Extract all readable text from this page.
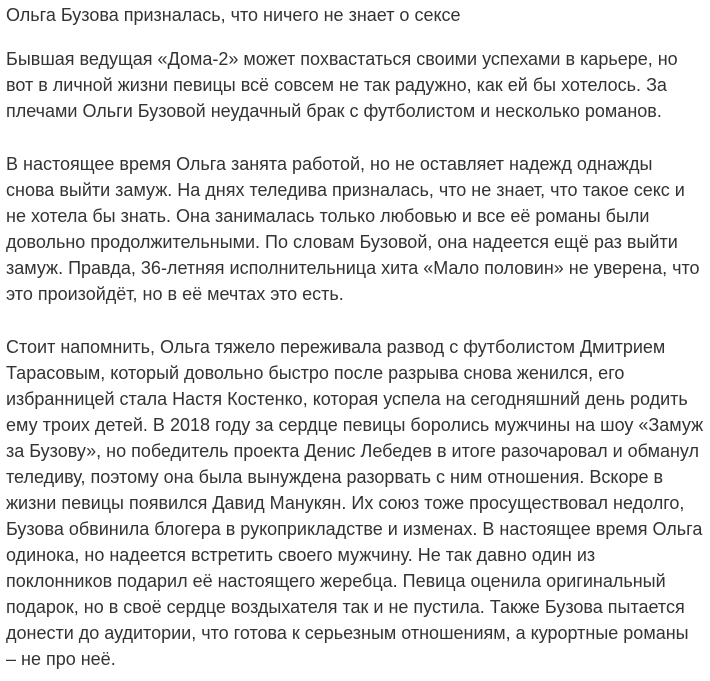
Ольга Бузова призналась, что ничего не знает о сексе
Бывшая ведущая «Дома-2» может похвастаться своими успехами в карьере, но
вот в личной жизни певицы всё совсем не так радужно, как ей бы хотелось. За
плечами Ольги Бузовой неудачный брак с футболистом и несколько романов.
В настоящее время Ольга занята работой, но не оставляет надежд однажды
снова выйти замуж. На днях теледива призналась, что не знает, что такое секс и
не хотела бы знать. Она занималась только любовью и все её романы были
довольно продолжительными. По словам Бузовой, она надеется ещё раз выйти
замуж. Правда, 36-летняя исполнительница хита «Мало половин» не уверена, что
это произойдёт, но в её мечтах это есть.
Стоит напомнить, Ольга тяжело переживала развод с футболистом Дмитрием
Тарасовым, который довольно быстро после разрыва снова женился, его
избранницей стала Настя Костенко, которая успела на сегодняшний день родить
ему троих детей. В 2018 году за сердце певицы боролись мужчины на шоу «Замуж
за Бузову», но победитель проекта Денис Лебедев в итоге разочаровал и обманул
теледиву, поэтому она была вынуждена разорвать с ним отношения. Вскоре в
жизни певицы появился Давид Манукян. Их союз тоже просуществовал недолго,
Бузова обвинила блогера в рукоприкладстве и изменах. В настоящее время Ольга
одинока, но надеется встретить своего мужчину. Не так давно один из
поклонников подарил её настоящего жеребца. Певица оценила оригинальный
подарок, но в своё сердце воздыхателя так и не пустила. Также Бузова пытается
донести до аудитории, что готова к серьезным отношениям, а курортные романы
– не про неё.
